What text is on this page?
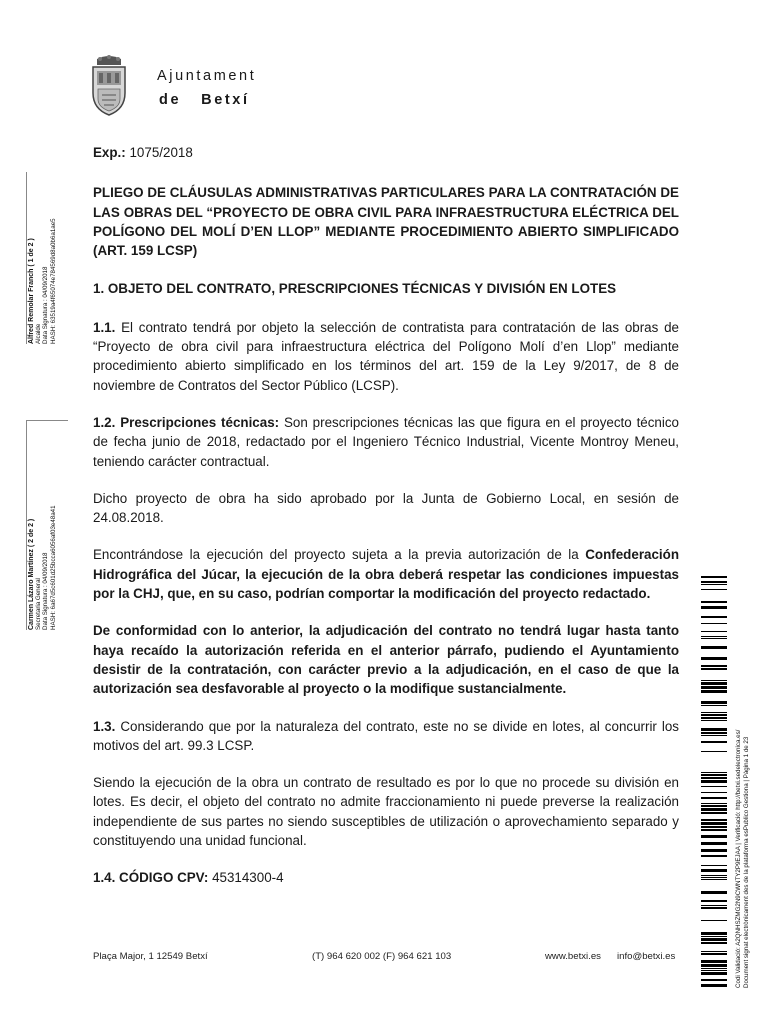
Ajuntament
de Betxí
Alfred Remolar Franch ( 1 de 2 )
Alcalde
Data Signatura : 04/09/2018
HASH: 63519a4f65074e784569d8a0b6a1ae5
Carmen Lázaro Martínez ( 2 de 2 )
Secretaria General
Data Signatura : 04/09/2018
HASH: 6a67d5c601d25bcca6056af03e48a41

Exp.: 1075/2018

PLIEGO DE CLÁUSULAS ADMINISTRATIVAS PARTICULARES PARA LA CONTRATACIÓN DE LAS OBRAS DEL “PROYECTO DE OBRA CIVIL PARA INFRAESTRUCTURA ELÉCTRICA DEL POLÍGONO DEL MOLÍ D’EN LLOP” MEDIANTE PROCEDIMIENTO ABIERTO SIMPLIFICADO (ART. 159 LCSP)

1. OBJETO DEL CONTRATO, PRESCRIPCIONES TÉCNICAS Y DIVISIÓN EN LOTES

1.1. El contrato tendrá por objeto la selección de contratista para contratación de las obras de “Proyecto de obra civil para infraestructura eléctrica del Polígono Molí d’en Llop” mediante procedimiento abierto simplificado en los términos del art. 159 de la Ley 9/2017, de 8 de noviembre de Contratos del Sector Público (LCSP).

1.2. Prescripciones técnicas: Son prescripciones técnicas las que figura en el proyecto técnico de fecha junio de 2018, redactado por el Ingeniero Técnico Industrial, Vicente Montroy Meneu, teniendo carácter contractual.

Dicho proyecto de obra ha sido aprobado por la Junta de Gobierno Local, en sesión de 24.08.2018.

Encontrándose la ejecución del proyecto sujeta a la previa autorización de la Confederación Hidrográfica del Júcar, la ejecución de la obra deberá respetar las condiciones impuestas por la CHJ, que, en su caso, podrían comportar la modificación del proyecto redactado.

De conformidad con lo anterior, la adjudicación del contrato no tendrá lugar hasta tanto haya recaído la autorización referida en el anterior párrafo, pudiendo el Ayuntamiento desistir de la contratación, con carácter previo a la adjudicación, en el caso de que la autorización sea desfavorable al proyecto o la modifique sustancialmente.

1.3. Considerando que por la naturaleza del contrato, este no se divide en lotes, al concurrir los motivos del art. 99.3 LCSP.

Siendo la ejecución de la obra un contrato de resultado es por lo que no procede su división en lotes. Es decir, el objeto del contrato no admite fraccionamiento ni puede preverse la realización independiente de sus partes no siendo susceptibles de utilización o aprovechamiento separado y constituyendo una unidad funcional.

1.4. CÓDIGO CPV: 45314300-4

Plaça Major, 1 12549 Betxí	(T) 964 620 002 (F) 964 621 103	www.betxi.es info@betxi.es	Codi Validació: A2QNHSZMG2N9CWNTY2P9EJAA | Verificació: http://betxi.sedelectronica.es/
Document signat electrònicament des de la plataforma esPublico Gestiona | Pàgina 1 de 23
